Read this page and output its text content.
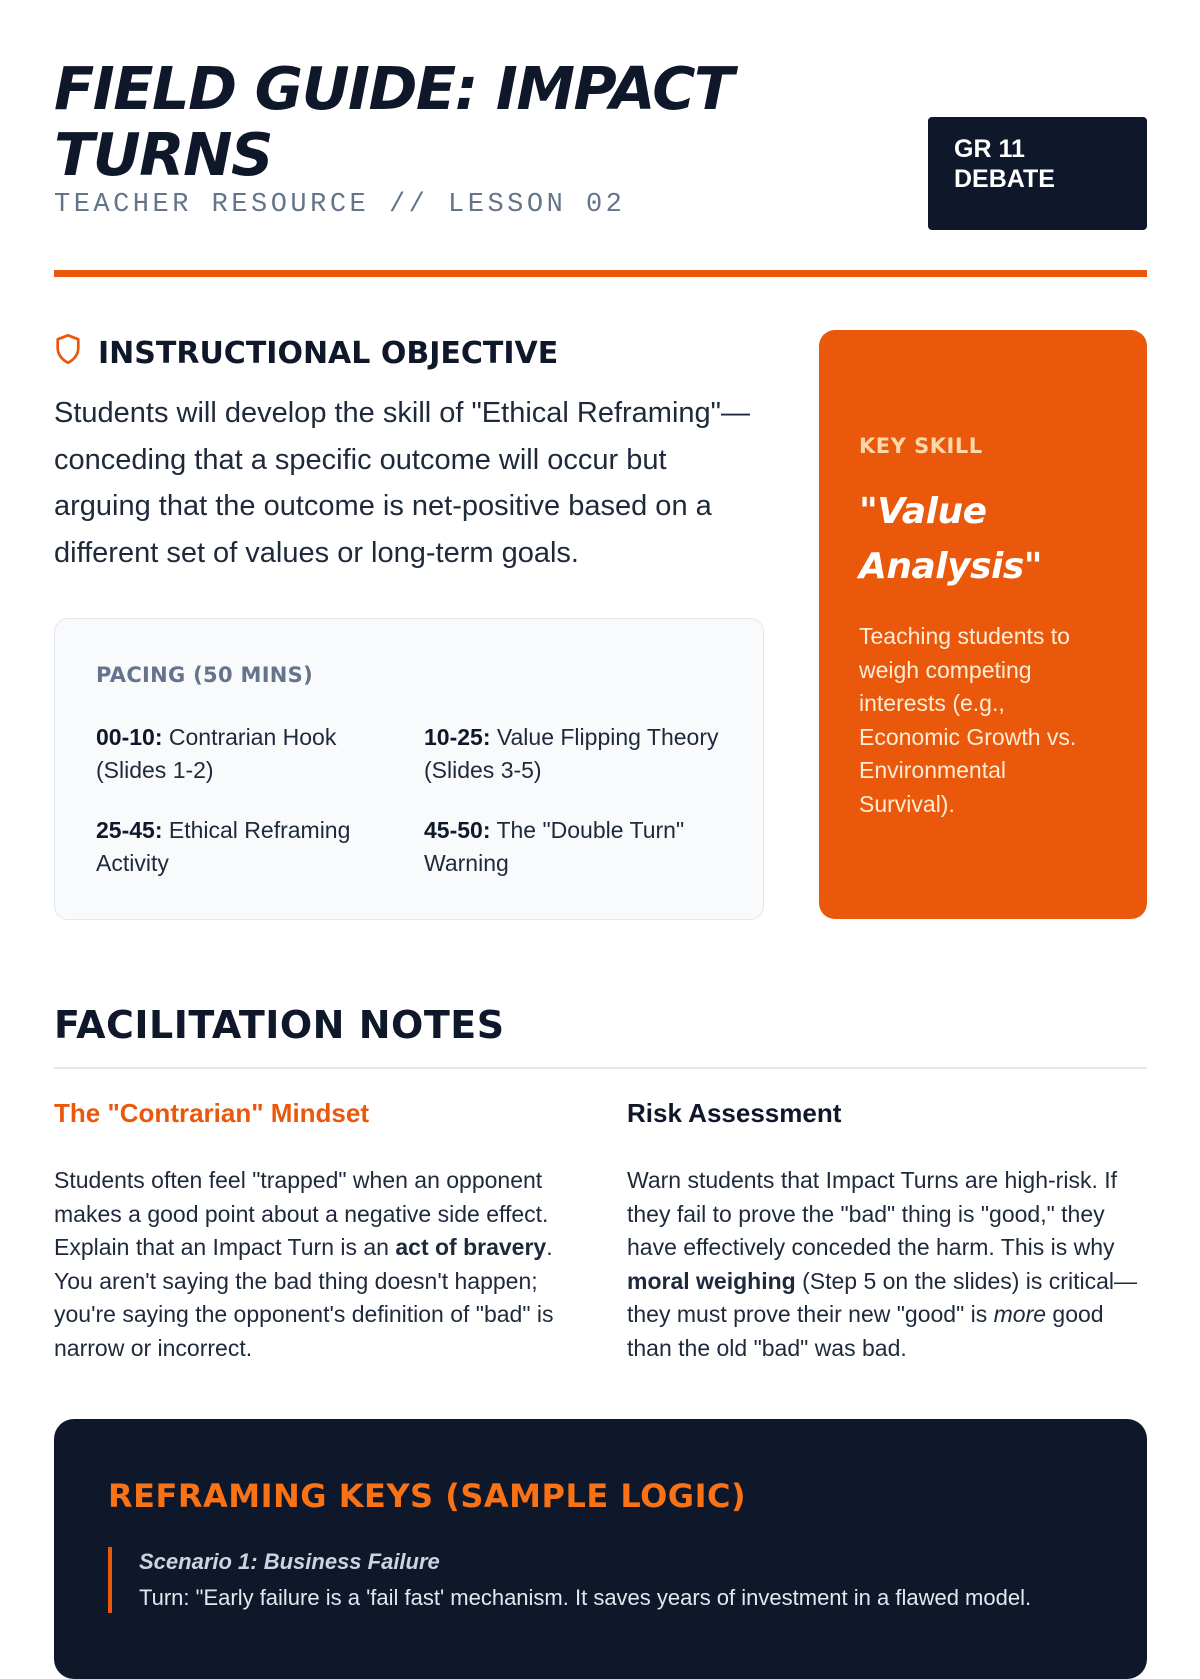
FIELD GUIDE: IMPACT TURNS
TEACHER RESOURCE // LESSON 02
GR 11 DEBATE
INSTRUCTIONAL OBJECTIVE

Students will develop the skill of "Ethical Reframing"—conceding that a specific outcome will occur but arguing that the outcome is net-positive based on a different set of values or long-term goals.

PACING (50 MINS)
00-10: Contrarian Hook (Slides 1-2)
10-25: Value Flipping Theory (Slides 3-5)
25-45: Ethical Reframing Activity
45-50: The "Double Turn" Warning
KEY SKILL
"Value Analysis"
Teaching students to weigh competing interests (e.g., Economic Growth vs. Environmental Survival).
FACILITATION NOTES
The "Contrarian" Mindset

Students often feel "trapped" when an opponent makes a good point about a negative side effect. Explain that an Impact Turn is an act of bravery. You aren't saying the bad thing doesn't happen; you're saying the opponent's definition of "bad" is narrow or incorrect.

Risk Assessment

Warn students that Impact Turns are high-risk. If they fail to prove the "bad" thing is "good," they have effectively conceded the harm. This is why moral weighing (Step 5 on the slides) is critical—they must prove their new "good" is more good than the old "bad" was bad.

REFRAMING KEYS (SAMPLE LOGIC)
Scenario 1: Business Failure
Turn: "Early failure is a 'fail fast' mechanism. It saves years of investment in a flawed model.
